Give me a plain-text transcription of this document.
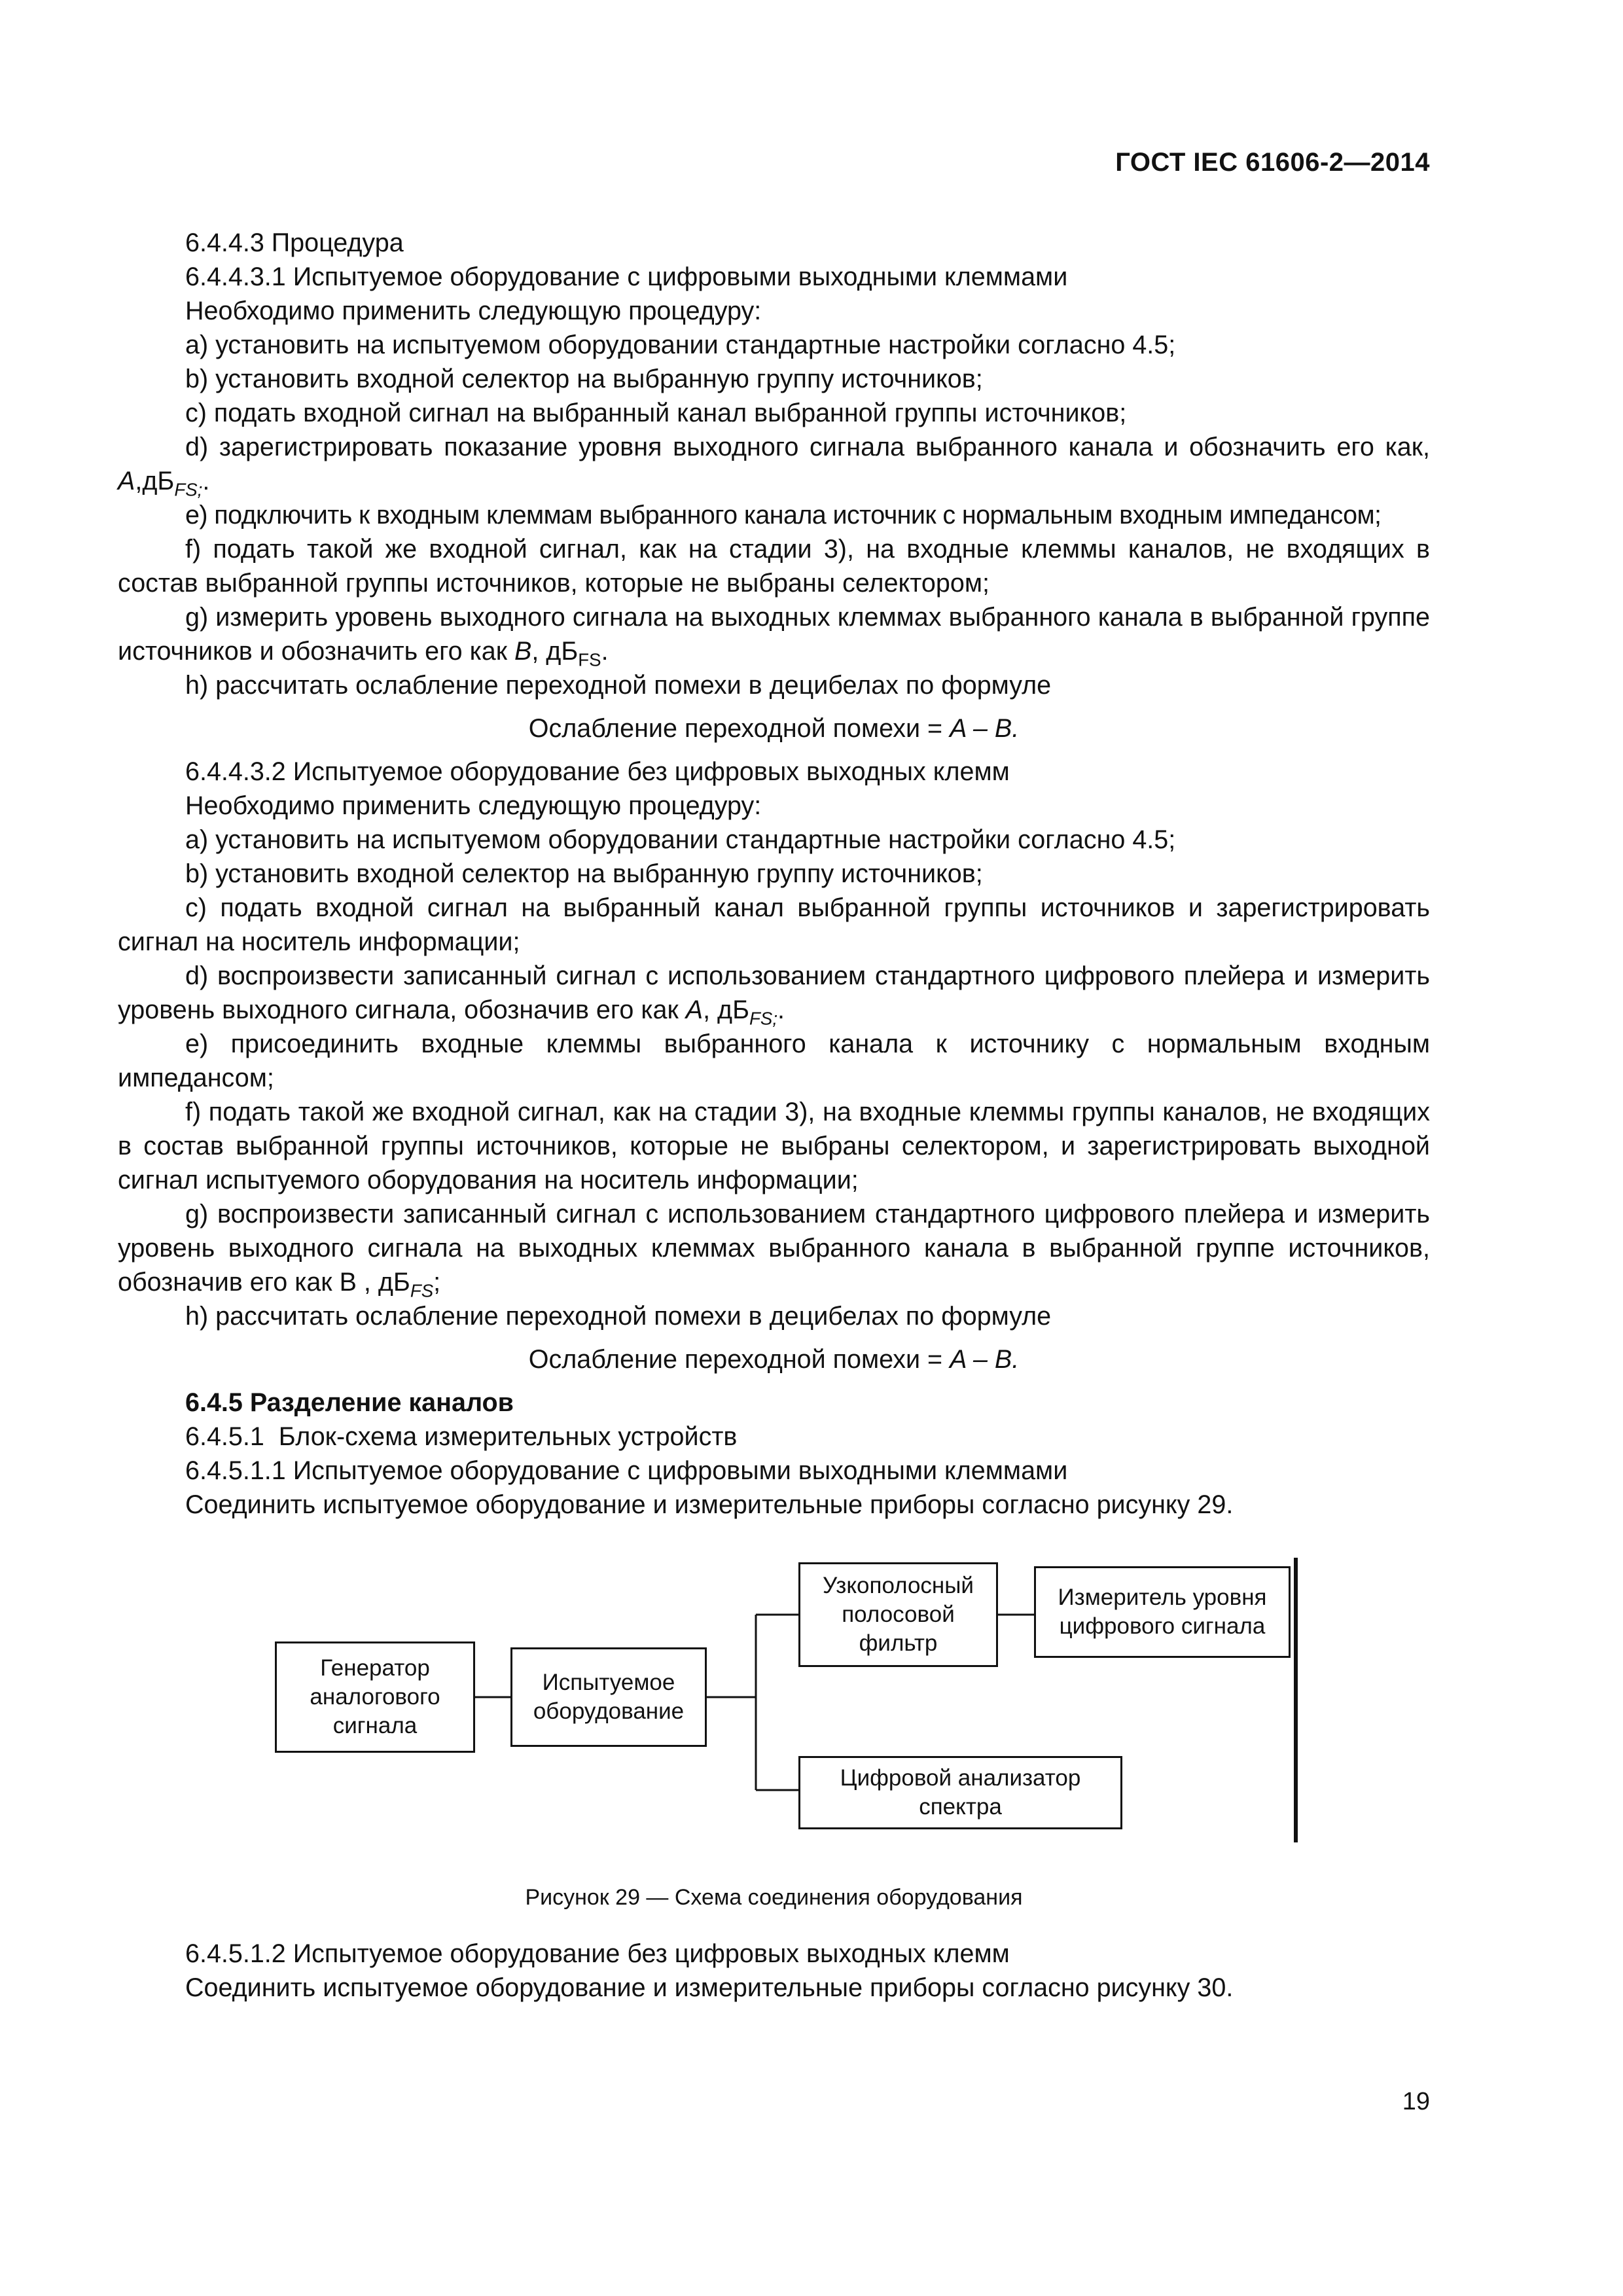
ГОСТ IEC 61606-2—2014

6.4.4.3 Процедура

6.4.4.3.1 Испытуемое оборудование с цифровыми выходными клеммами

Необходимо применить следующую процедуру:

a) установить на испытуемом оборудовании стандартные настройки согласно 4.5;

b) установить входной селектор на выбранную группу источников;

c) подать входной сигнал на выбранный канал выбранной группы источников;

d) зарегистрировать показание уровня выходного сигнала выбранного канала и обозначить его как, $A,дБ_{FS;}$.

e) подключить к входным клеммам выбранного канала источник с нормальным входным импедансом;

f) подать такой же входной сигнал, как на стадии 3), на входные клеммы каналов, не входящих в состав выбранной группы источников, которые не выбраны селектором;

g) измерить уровень выходного сигнала на выходных клеммах выбранного канала в выбранной группе источников и обозначить его как B, $дБ_{FS}$.

h) рассчитать ослабление переходной помехи в децибелах по формуле

Ослабление переходной помехи = A – B.

6.4.4.3.2 Испытуемое оборудование без цифровых выходных клемм

Необходимо применить следующую процедуру:

a) установить на испытуемом оборудовании стандартные настройки согласно 4.5;

b) установить входной селектор на выбранную группу источников;

c) подать входной сигнал на выбранный канал выбранной группы источников и зарегистрировать сигнал на носитель информации;

d) воспроизвести записанный сигнал с использованием стандартного цифрового плейера и измерить уровень выходного сигнала, обозначив его как A, $дБ_{FS;}$.

e) присоединить входные клеммы выбранного канала к источнику с нормальным входным импедансом;

f) подать такой же входной сигнал, как на стадии 3), на входные клеммы группы каналов, не входящих в состав выбранной группы источников, которые не выбраны селектором, и зарегистрировать выходной сигнал испытуемого оборудования на носитель информации;

g) воспроизвести записанный сигнал с использованием стандартного цифрового плейера и измерить уровень выходного сигнала на выходных клеммах выбранного канала в выбранной группе источников, обозначив его как В , $дБ_{FS}$;

h) рассчитать ослабление переходной помехи в децибелах по формуле

Ослабление переходной помехи = A – B.

6.4.5 Разделение каналов

6.4.5.1  Блок-схема измерительных устройств

6.4.5.1.1 Испытуемое оборудование с цифровыми выходными клеммами

Соединить испытуемое оборудование и измерительные приборы согласно рисунку 29.

Генератор
аналогового
сигнала
Испытуемое
оборудование
Узкополосный
полосовой
фильтр
Измеритель уровня
цифрового сигнала
Цифровой анализатор
спектра
Рисунок 29 — Схема соединения оборудования

6.4.5.1.2 Испытуемое оборудование без цифровых выходных клемм

Соединить испытуемое оборудование и измерительные приборы согласно рисунку 30.

19
